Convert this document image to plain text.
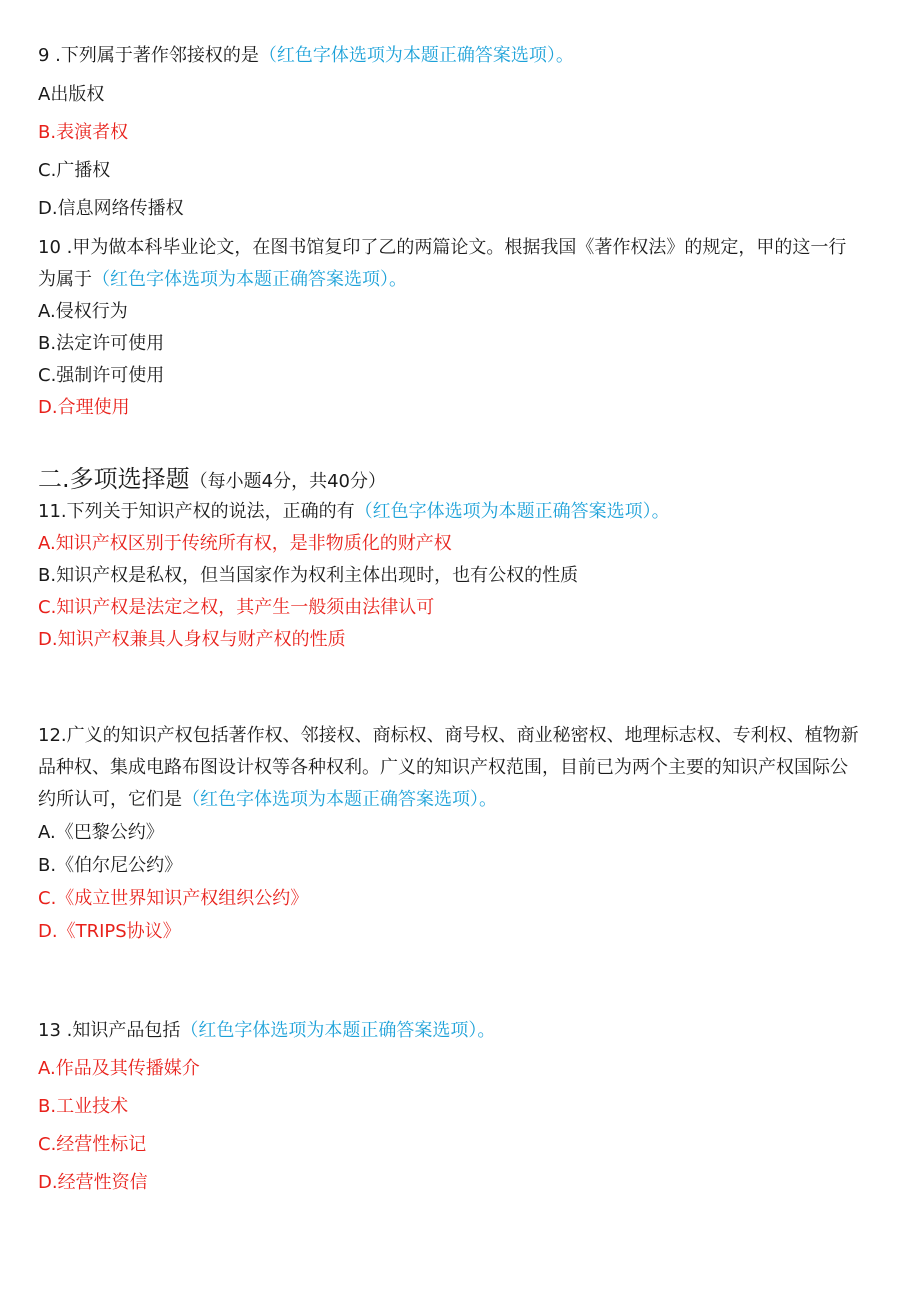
9 .下列属于著作邻接权的是（红色字体选项为本题正确答案选项）。
A出版权
B.表演者权
C.广播权
D.信息网络传播权
10 .甲为做本科毕业论文，在图书馆复印了乙的两篇论文。根据我国《著作权法》的规定，甲的这一行
为属于（红色字体选项为本题正确答案选项）。
A.侵权行为
B.法定许可使用
C.强制许可使用
D.合理使用
二.多项选择题（每小题4分，共40分）
11.下列关于知识产权的说法，正确的有（红色字体选项为本题正确答案选项）。
A.知识产权区别于传统所有权，是非物质化的财产权
B.知识产权是私权，但当国家作为权利主体出现时，也有公权的性质
C.知识产权是法定之权，其产生一般须由法律认可
D.知识产权兼具人身权与财产权的性质
12.广义的知识产权包括著作权、邻接权、商标权、商号权、商业秘密权、地理标志权、专利权、植物新
品种权、集成电路布图设计权等各种权利。广义的知识产权范围，目前已为两个主要的知识产权国际公
约所认可，它们是（红色字体选项为本题正确答案选项）。
A.《巴黎公约》
B.《伯尔尼公约》
C.《成立世界知识产权组织公约》
D.《TRIPS协议》
13 .知识产品包括（红色字体选项为本题正确答案选项）。
A.作品及其传播媒介
B.工业技术
C.经营性标记
D.经营性资信
